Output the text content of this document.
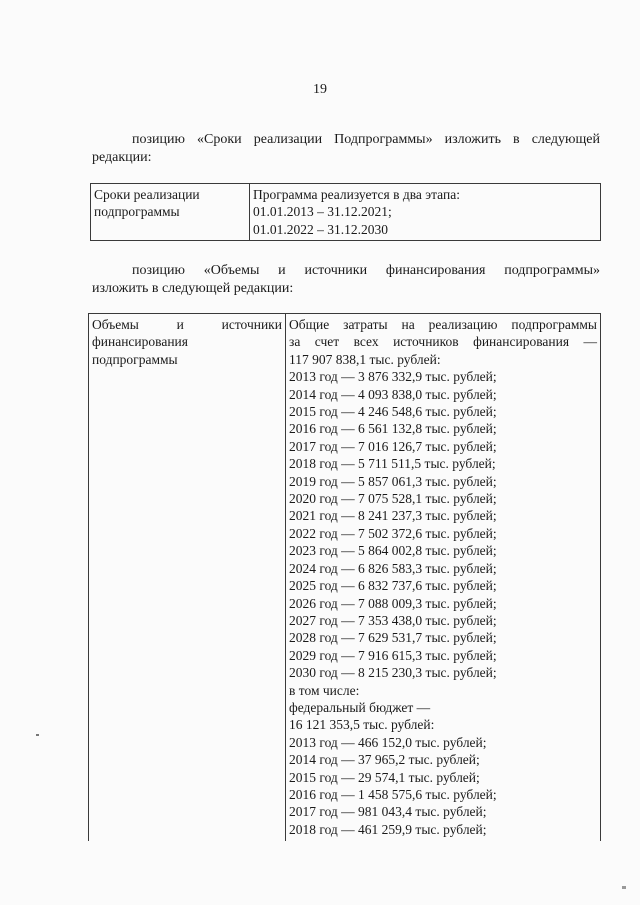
19
позицию «Сроки реализации Подпрограммы» изложить в следующей
редакции:
Сроки реализации
подпрограммы

Программа реализуется в два этапа:
01.01.2013 – 31.12.2021;
01.01.2022 – 31.12.2030
позицию «Объемы и источники финансирования подпрограммы»
изложить в следующей редакции:
Объемы	и	источники
финансирования
подпрограммы

Общие затраты на реализацию подпрограммы
за счет всех источников финансирования —
117 907 838,1 тыс. рублей:
2013 год — 3 876 332,9 тыс. рублей;
2014 год — 4 093 838,0 тыс. рублей;
2015 год — 4 246 548,6 тыс. рублей;
2016 год — 6 561 132,8 тыс. рублей;
2017 год — 7 016 126,7 тыс. рублей;
2018 год — 5 711 511,5 тыс. рублей;
2019 год — 5 857 061,3 тыс. рублей;
2020 год — 7 075 528,1 тыс. рублей;
2021 год — 8 241 237,3 тыс. рублей;
2022 год — 7 502 372,6 тыс. рублей;
2023 год — 5 864 002,8 тыс. рублей;
2024 год — 6 826 583,3 тыс. рублей;
2025 год — 6 832 737,6 тыс. рублей;
2026 год — 7 088 009,3 тыс. рублей;
2027 год — 7 353 438,0 тыс. рублей;
2028 год — 7 629 531,7 тыс. рублей;
2029 год — 7 916 615,3 тыс. рублей;
2030 год — 8 215 230,3 тыс. рублей;
в том числе:
федеральный бюджет —
16 121 353,5 тыс. рублей:
2013 год — 466 152,0 тыс. рублей;
2014 год — 37 965,2 тыс. рублей;
2015 год — 29 574,1 тыс. рублей;
2016 год — 1 458 575,6 тыс. рублей;
2017 год — 981 043,4 тыс. рублей;
2018 год — 461 259,9 тыс. рублей;
